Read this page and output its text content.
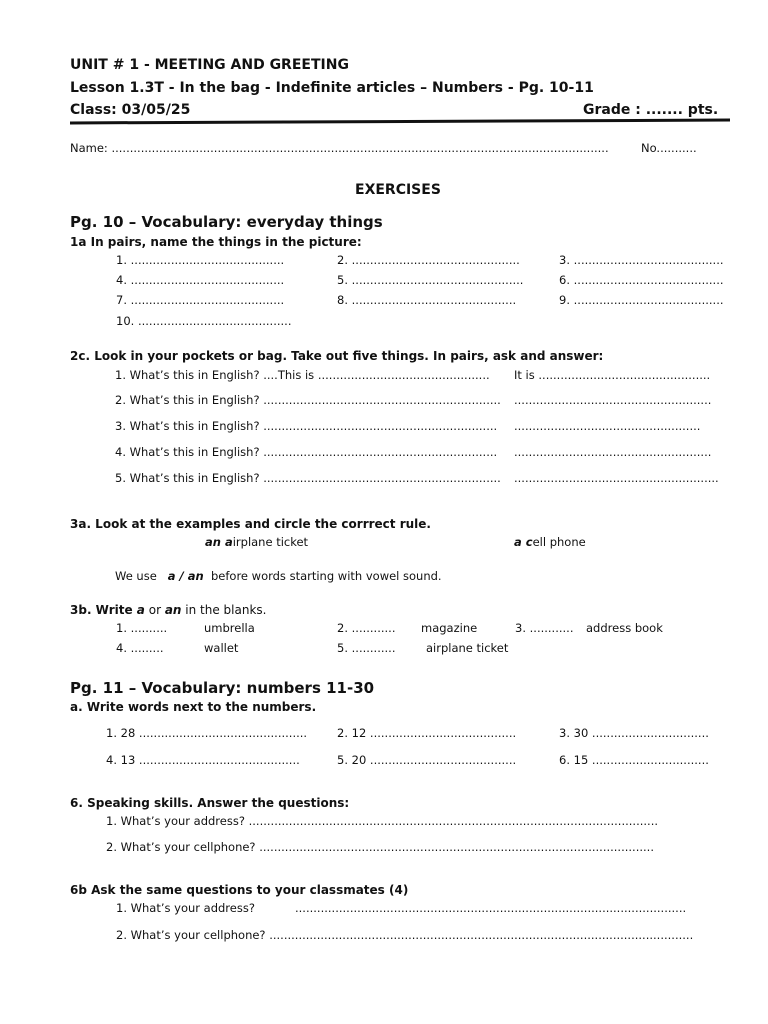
UNIT # 1 - MEETING AND GREETING
Lesson 1.3T - In the bag - Indefinite articles – Numbers - Pg. 10-11
Class: 03/05/25	Grade : ....... pts.
Name: ........................................................................................................................................	No...........
EXERCISES
Pg. 10 – Vocabulary: everyday things
1a In pairs, name the things in the picture:
1. ..........................................	2. ..............................................	3. .........................................
4. ..........................................	5. ...............................................	6. .........................................
7. ..........................................	8. .............................................	9. .........................................
10. ..........................................
2c. Look in your pockets or bag. Take out five things. In pairs, ask and answer:
1. What’s this in English? ....This is ............................................... It is ...............................................
2. What’s this in English? ................................................................. ......................................................
3. What’s this in English? ................................................................ ...................................................
4. What’s this in English? ................................................................ ......................................................
5. What’s this in English? ................................................................. ........................................................
3a. Look at the examples and circle the corrrect rule.
an airplane ticket	a cell phone
We use   a / an  before words starting with vowel sound.
3b. Write a or an in the blanks.
1. ..........	umbrella	2. ............ magazine	3. ............ address book
4. .........	wallet	5. ............	airplane ticket
Pg. 11 – Vocabulary: numbers 11-30
a. Write words next to the numbers.
1. 28 ..............................................	2. 12 ........................................	3. 30 ................................
4. 13 ............................................	5. 20 ........................................	6. 15 ................................
6. Speaking skills. Answer the questions:
1. What’s your address? ................................................................................................................
2. What’s your cellphone? ............................................................................................................
6b Ask the same questions to your classmates (4)
1. What’s your address?	...........................................................................................................
2. What’s your cellphone? ....................................................................................................................
